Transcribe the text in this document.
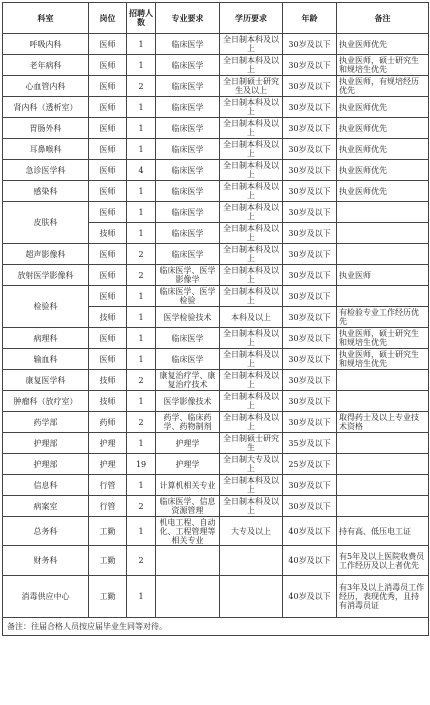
科室	岗位	招聘人数	专业要求	学历要求	年龄	备注
呼吸内科	医师	1	临床医学	全日制本科及以上	30岁及以下	执业医师优先
老年病科	医师	1	临床医学	全日制本科及以上	30岁及以下	执业医师，硕士研究生和规培生优先
心血管内科	医师	2	临床医学	全日制硕士研究生及以上	30岁及以下	执业医师，有规培经历优先
肾内科（透析室）	医师	1	临床医学	全日制本科及以上	30岁及以下	执业医师优先
胃肠外科	医师	1	临床医学	全日制本科及以上	30岁及以下	执业医师优先
耳鼻喉科	医师	1	临床医学	全日制本科及以上	30岁及以下	执业医师优先
急诊医学科	医师	4	临床医学	全日制本科及以上	30岁及以下	执业医师优先
感染科	医师	1	临床医学	全日制本科及以上	30岁及以下	执业医师优先
皮肤科	医师	1	临床医学	全日制本科及以上	30岁及以下	
	技师	1	临床医学	全日制本科及以上	30岁及以下	
超声影像科	医师	2	临床医学	全日制本科及以上	30岁及以下	
放射医学影像科	医师	2	临床医学、医学影像学	全日制本科及以上	30岁及以下	执业医师
检验科	医师	1	临床医学、医学检验	全日制本科及以上	30岁及以下	
	技师	1	医学检验技术	本科及以上	30岁及以下	有检验专业工作经历优先
病理科	医师	1	临床医学	全日制本科及以上	30岁及以下	执业医师，硕士研究生和规培生优先
输血科	医师	1	临床医学	全日制本科及以上	30岁及以下	执业医师，硕士研究生和规培生优先
康复医学科	技师	2	康复治疗学、康复治疗技术	全日制本科及以上	30岁及以下	
肿瘤科（放疗室）	技师	1	医学影像技术	全日制本科及以上	30岁及以下	
药学部	药师	2	药学、临床药学、药物制剂	全日制本科及以上	30岁及以下	取得药士及以上专业技术资格
护理部	护理	1	护理学	全日制硕士研究生	35岁及以下	
护理部	护理	19	护理学	全日制大专及以上	25岁及以下	
信息科	行管	1	计算机相关专业	全日制本科及以上	30岁及以下	
病案室	行管	2	临床医学、信息资源管理	全日制本科及以上	30岁及以下	
总务科	工勤	1	机电工程、自动化、工程管理等相关专业	大专及以上	40岁及以下	持有高、低压电工证
财务科	工勤	2			40岁及以下	有5年及以上医院收费员工作经历及以上者优先
消毒供应中心	工勤	1			40岁及以下	有3年及以上消毒员工作经历，表现优秀，且持有消毒员证
备注：往届合格人员按应届毕业生同等对待。						
